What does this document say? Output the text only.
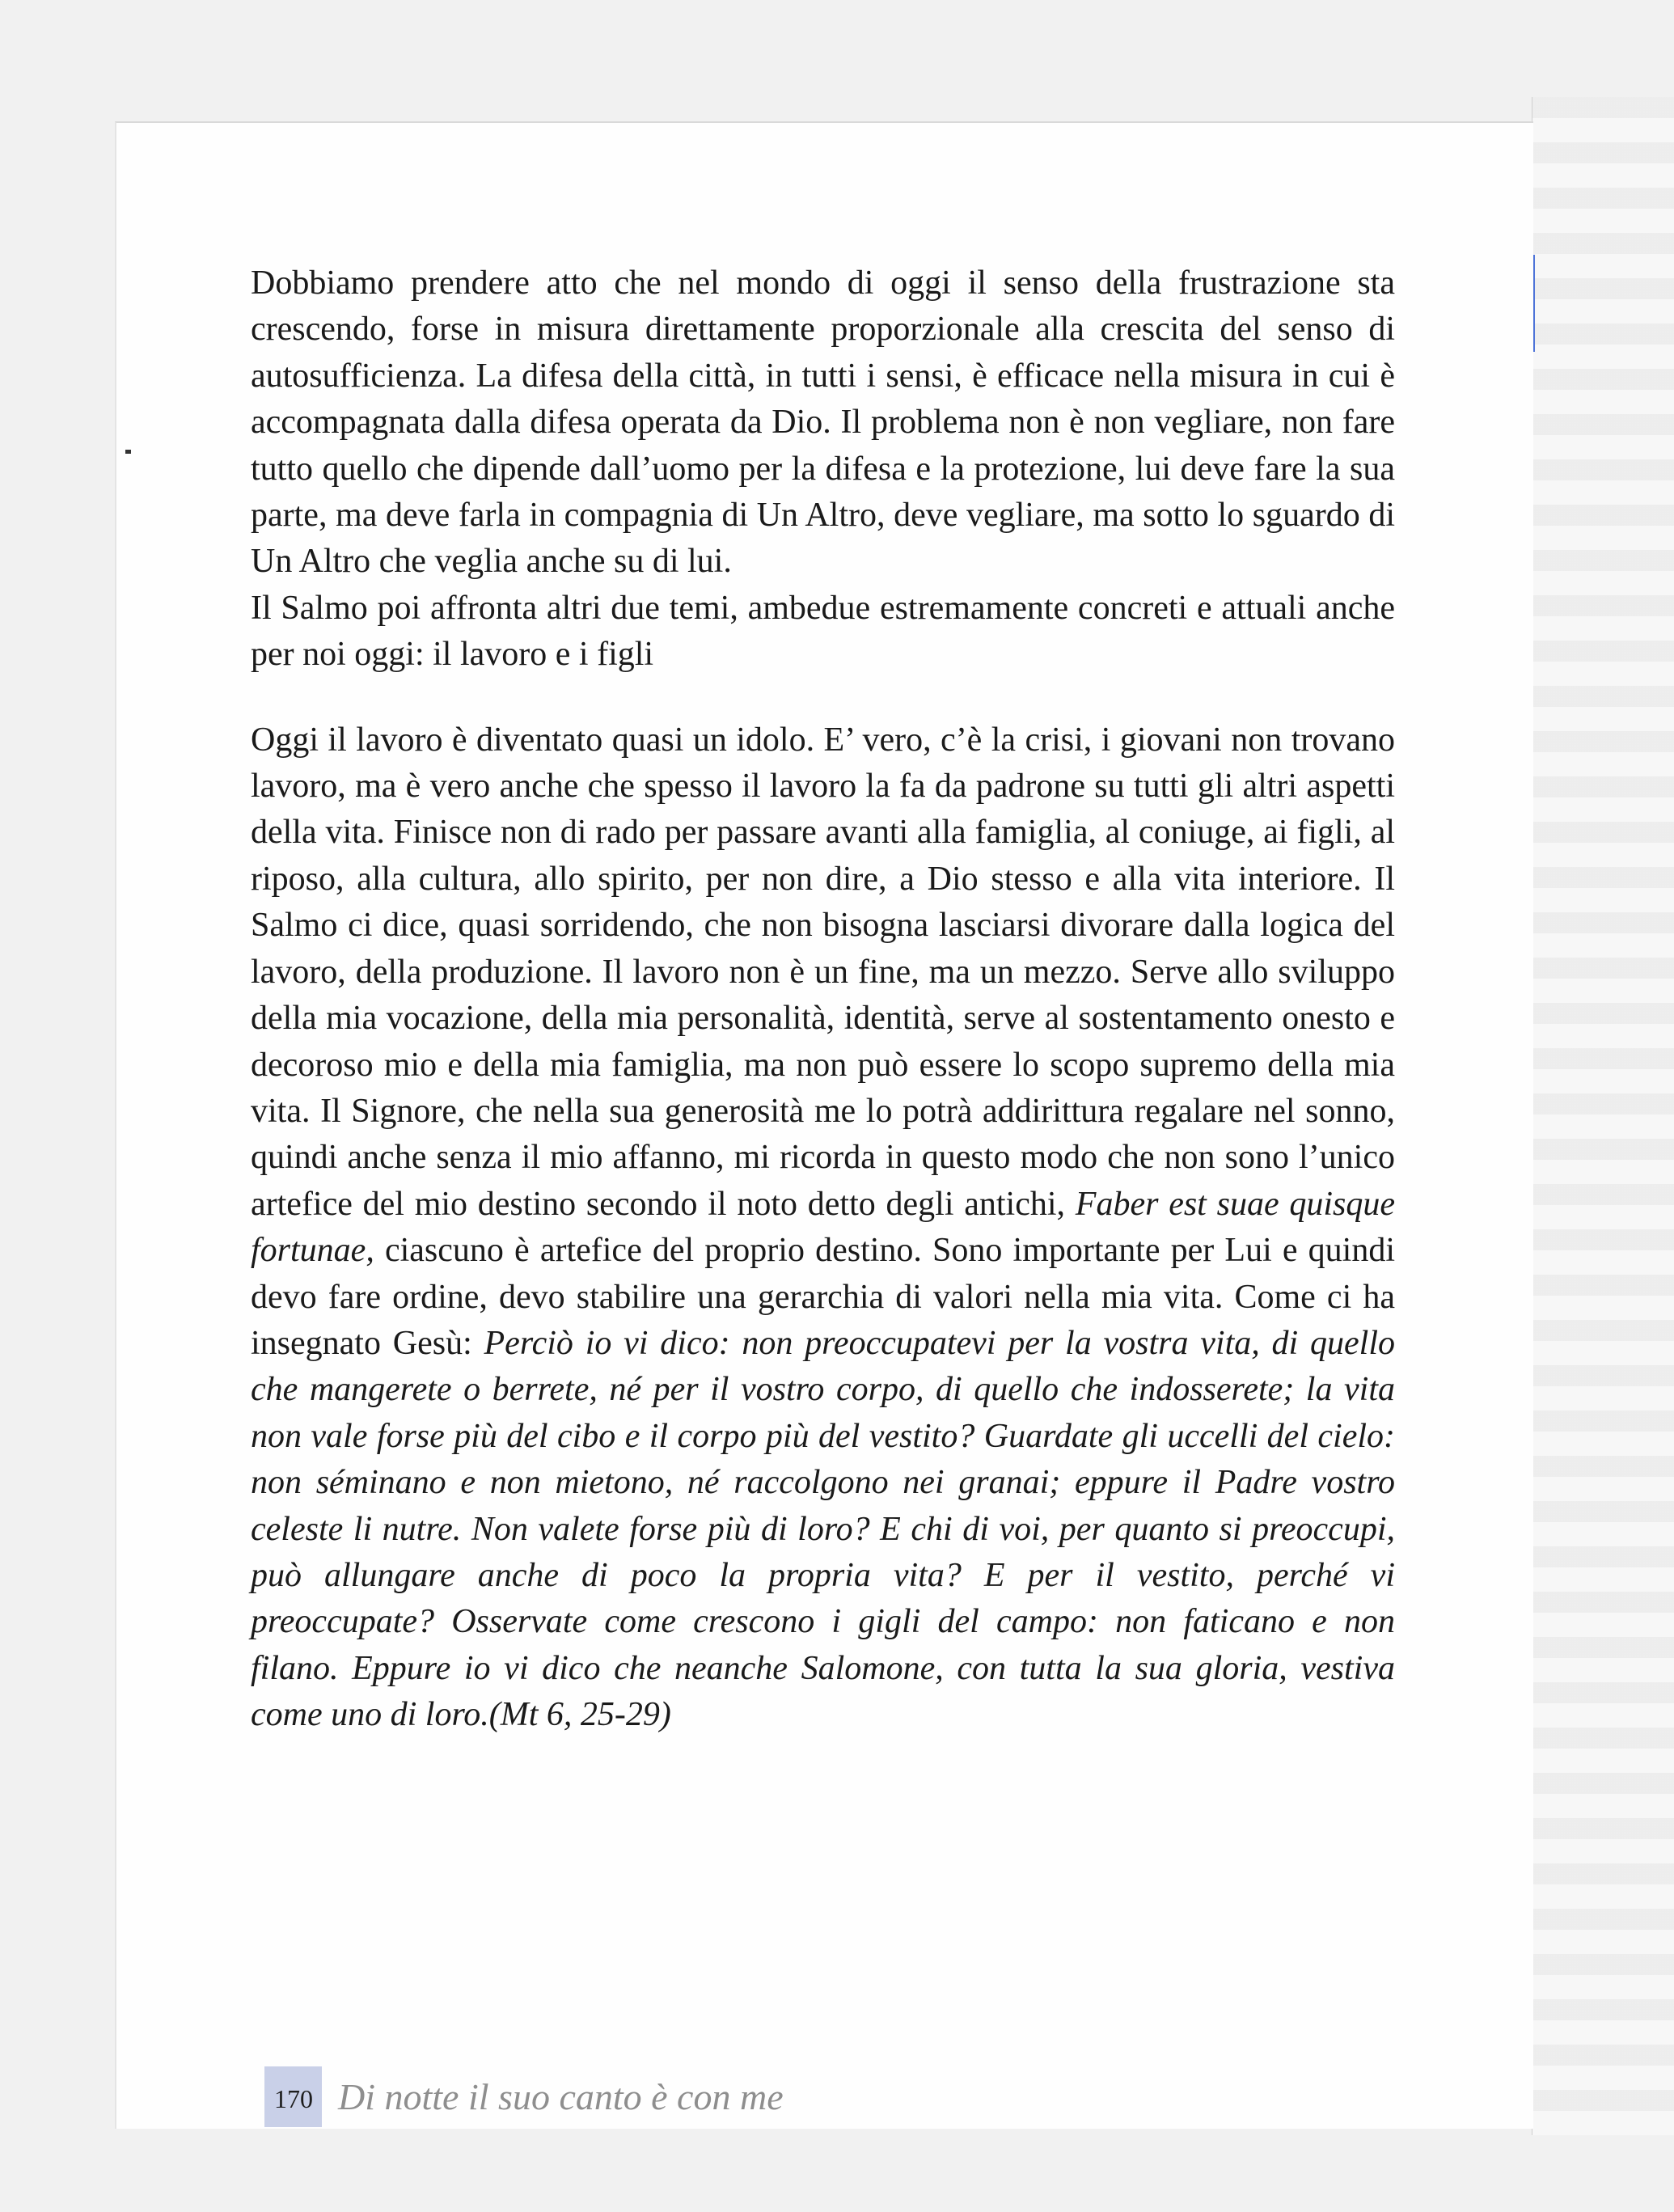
Dobbiamo prendere atto che nel mondo di oggi il senso della frustrazione sta crescendo, forse in misura direttamente proporzionale alla crescita del senso di autosufficienza. La difesa della città, in tutti i sensi, è efficace nella misura in cui è accompagnata dalla difesa operata da Dio. Il problema non è non vegliare, non fare tutto quello che dipende dall’uomo per la difesa e la protezione, lui deve fare la sua parte, ma deve farla in compagnia di Un Altro, deve vegliare, ma sotto lo sguardo di Un Altro che veglia anche su di lui.

Il Salmo poi affronta altri due temi, ambedue estremamente concreti e attuali anche per noi oggi: il lavoro e i figli

Oggi il lavoro è diventato quasi un idolo. E’ vero, c’è la crisi, i giovani non trovano lavoro, ma è vero anche che spesso il lavoro la fa da padrone su tutti gli altri aspetti della vita. Finisce non di rado per passare avanti alla famiglia, al coniuge, ai figli, al riposo, alla cultura, allo spirito, per non dire, a Dio stesso e alla vita interiore. Il Salmo ci dice, quasi sorridendo, che non bisogna lasciarsi divorare dalla logica del lavoro, della produzione. Il lavoro non è un fine, ma un mezzo. Serve allo sviluppo della mia vocazione, della mia personalità, identità, serve al sostentamento onesto e decoroso mio e della mia famiglia, ma non può essere lo scopo supremo della mia vita. Il Signore, che nella sua generosità me lo potrà addirittura regalare nel sonno, quindi anche senza il mio affanno, mi ricorda in questo modo che non sono l’unico artefice del mio destino secondo il noto detto degli antichi, Faber est suae quisque fortunae, ciascuno è artefice del proprio destino. Sono importante per Lui e quindi devo fare ordine, devo stabilire una gerarchia di valori nella mia vita. Come ci ha insegnato Gesù: Perciò io vi dico: non preoccupatevi per la vostra vita, di quello che mangerete o berrete, né per il vostro corpo, di quello che indosserete; la vita non vale forse più del cibo e il corpo più del vestito? Guardate gli uccelli del cielo: non séminano e non mietono, né raccolgono nei granai; eppure il Padre vostro celeste li nutre. Non valete forse più di loro? E chi di voi, per quanto si preoccupi, può allungare anche di poco la propria vita? E per il vestito, perché vi preoccupate? Osservate come crescono i gigli del campo: non faticano e non filano. Eppure io vi dico che neanche Salomone, con tutta la sua gloria, vestiva come uno di loro.(Mt 6, 25-29)

170 Di notte il suo canto è con me
